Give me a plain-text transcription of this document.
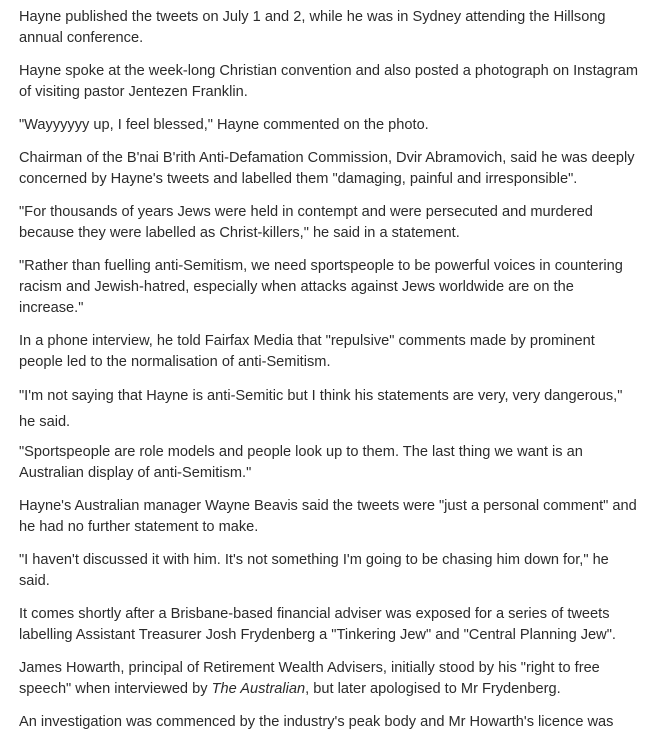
Hayne published the tweets on July 1 and 2, while he was in Sydney attending the Hillsong annual conference.

Hayne spoke at the week-long Christian convention and also posted a photograph on Instagram of visiting pastor Jentezen Franklin.

"Wayyyyyy up, I feel blessed," Hayne commented on the photo.

Chairman of the B'nai B'rith Anti-Defamation Commission, Dvir Abramovich, said he was deeply concerned by Hayne's tweets and labelled them "damaging, painful and irresponsible".

"For thousands of years Jews were held in contempt and were persecuted and murdered because they were labelled as Christ-killers," he said in a statement.

"Rather than fuelling anti-Semitism, we need sportspeople to be powerful voices in countering racism and Jewish-hatred, especially when attacks against Jews worldwide are on the increase."

In a phone interview, he told Fairfax Media that "repulsive" comments made by prominent people led to the normalisation of anti-Semitism.

"I'm not saying that Hayne is anti-Semitic but I think his statements are very, very dangerous," he said.

"Sportspeople are role models and people look up to them. The last thing we want is an Australian display of anti-Semitism."

Hayne's Australian manager Wayne Beavis said the tweets were "just a personal comment" and he had no further statement to make.

"I haven't discussed it with him. It's not something I'm going to be chasing him down for," he said.

It comes shortly after a Brisbane-based financial adviser was exposed for a series of tweets labelling Assistant Treasurer Josh Frydenberg a "Tinkering Jew" and "Central Planning Jew".

James Howarth, principal of Retirement Wealth Advisers, initially stood by his "right to free speech" when interviewed by The Australian, but later apologised to Mr Frydenberg.

An investigation was commenced by the industry's peak body and Mr Howarth's licence was
